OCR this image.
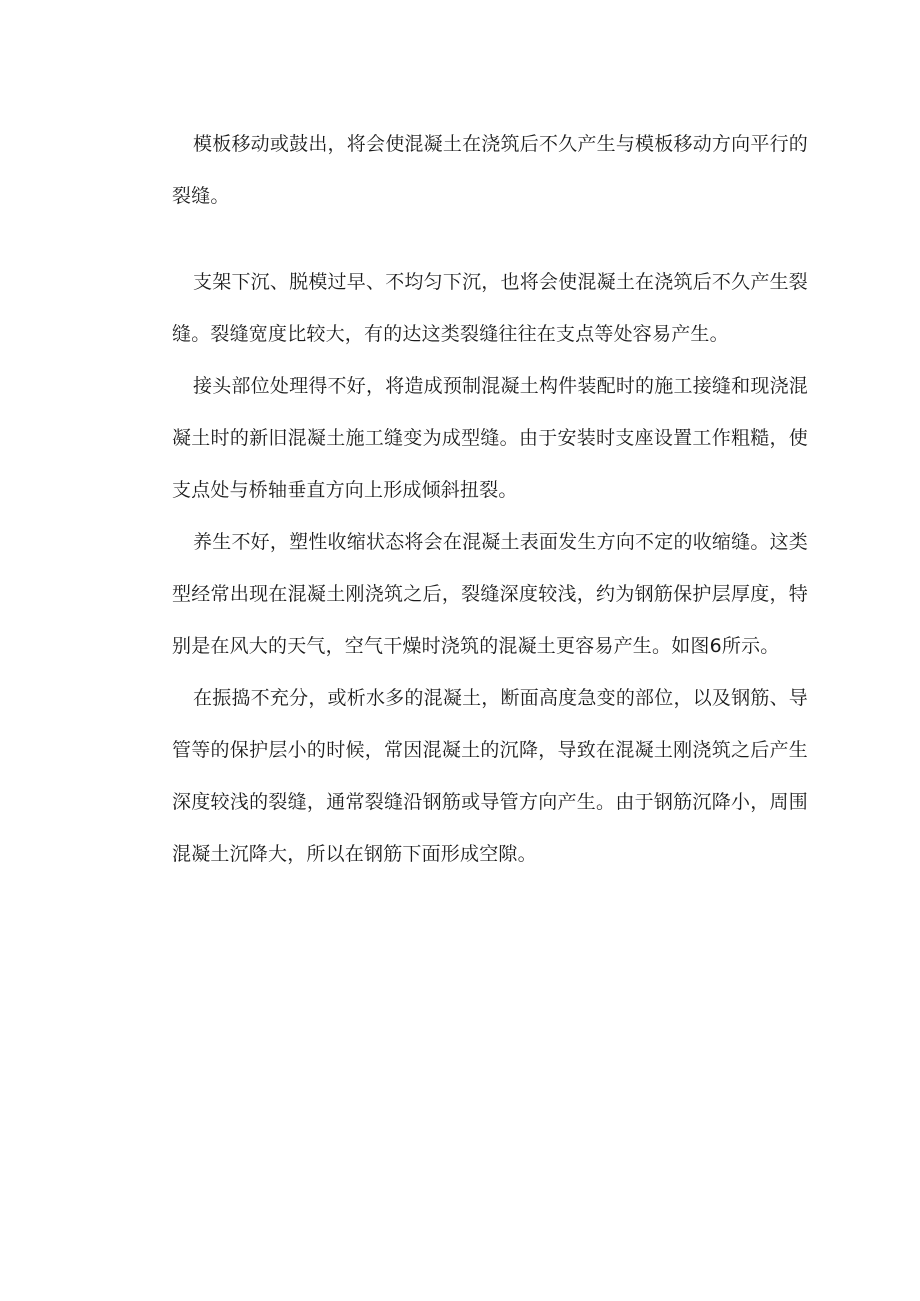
模板移动或鼓出，将会使混凝土在浇筑后不久产生与模板移动方向平行的裂缝。

支架下沉、脱模过早、不均匀下沉，也将会使混凝土在浇筑后不久产生裂缝。裂缝宽度比较大，有的达这类裂缝往往在支点等处容易产生。

接头部位处理得不好，将造成预制混凝土构件装配时的施工接缝和现浇混凝土时的新旧混凝土施工缝变为成型缝。由于安装时支座设置工作粗糙，使支点处与桥轴垂直方向上形成倾斜扭裂。

养生不好，塑性收缩状态将会在混凝土表面发生方向不定的收缩缝。这类型经常出现在混凝土刚浇筑之后，裂缝深度较浅，约为钢筋保护层厚度，特别是在风大的天气，空气干燥时浇筑的混凝土更容易产生。如图6所示。

在振捣不充分，或析水多的混凝土，断面高度急变的部位，以及钢筋、导管等的保护层小的时候，常因混凝土的沉降，导致在混凝土刚浇筑之后产生深度较浅的裂缝，通常裂缝沿钢筋或导管方向产生。由于钢筋沉降小，周围混凝土沉降大，所以在钢筋下面形成空隙。
